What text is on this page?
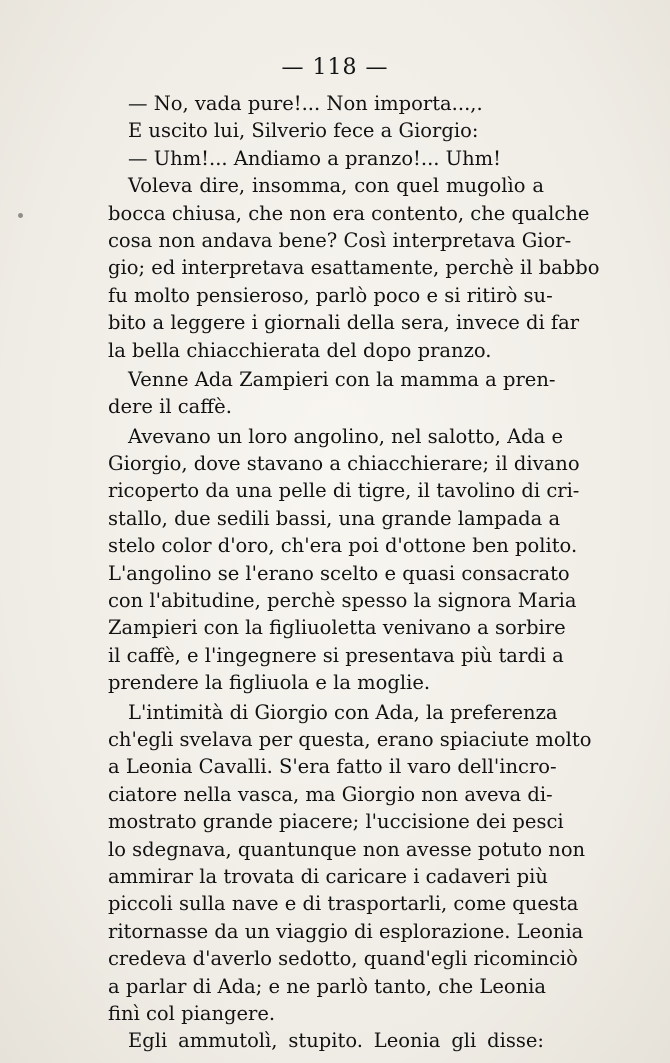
— 118 —
— No, vada pure!... Non importa...,.
E uscito lui, Silverio fece a Giorgio:
— Uhm!... Andiamo a pranzo!... Uhm!
Voleva dire, insomma, con quel mugolìo a
bocca chiusa, che non era contento, che qualche
cosa non andava bene? Così interpretava Gior-
gio; ed interpretava esattamente, perchè il babbo
fu molto pensieroso, parlò poco e si ritirò su-
bito a leggere i giornali della sera, invece di far
la bella chiacchierata del dopo pranzo.
Venne Ada Zampieri con la mamma a pren-
dere il caffè.
Avevano un loro angolino, nel salotto, Ada e
Giorgio, dove stavano a chiacchierare; il divano
ricoperto da una pelle di tigre, il tavolino di cri-
stallo, due sedili bassi, una grande lampada a
stelo color d'oro, ch'era poi d'ottone ben polito.
L'angolino se l'erano scelto e quasi consacrato
con l'abitudine, perchè spesso la signora Maria
Zampieri con la figliuoletta venivano a sorbire
il caffè, e l'ingegnere si presentava più tardi a
prendere la figliuola e la moglie.
L'intimità di Giorgio con Ada, la preferenza
ch'egli svelava per questa, erano spiaciute molto
a Leonia Cavalli. S'era fatto il varo dell'incro-
ciatore nella vasca, ma Giorgio non aveva di-
mostrato grande piacere; l'uccisione dei pesci
lo sdegnava, quantunque non avesse potuto non
ammirar la trovata di caricare i cadaveri più
piccoli sulla nave e di trasportarli, come questa
ritornasse da un viaggio di esplorazione. Leonia
credeva d'averlo sedotto, quand'egli ricominciò
a parlar di Ada; e ne parlò tanto, che Leonia
finì col piangere.
Egli ammutolì, stupito. Leonia gli disse:
